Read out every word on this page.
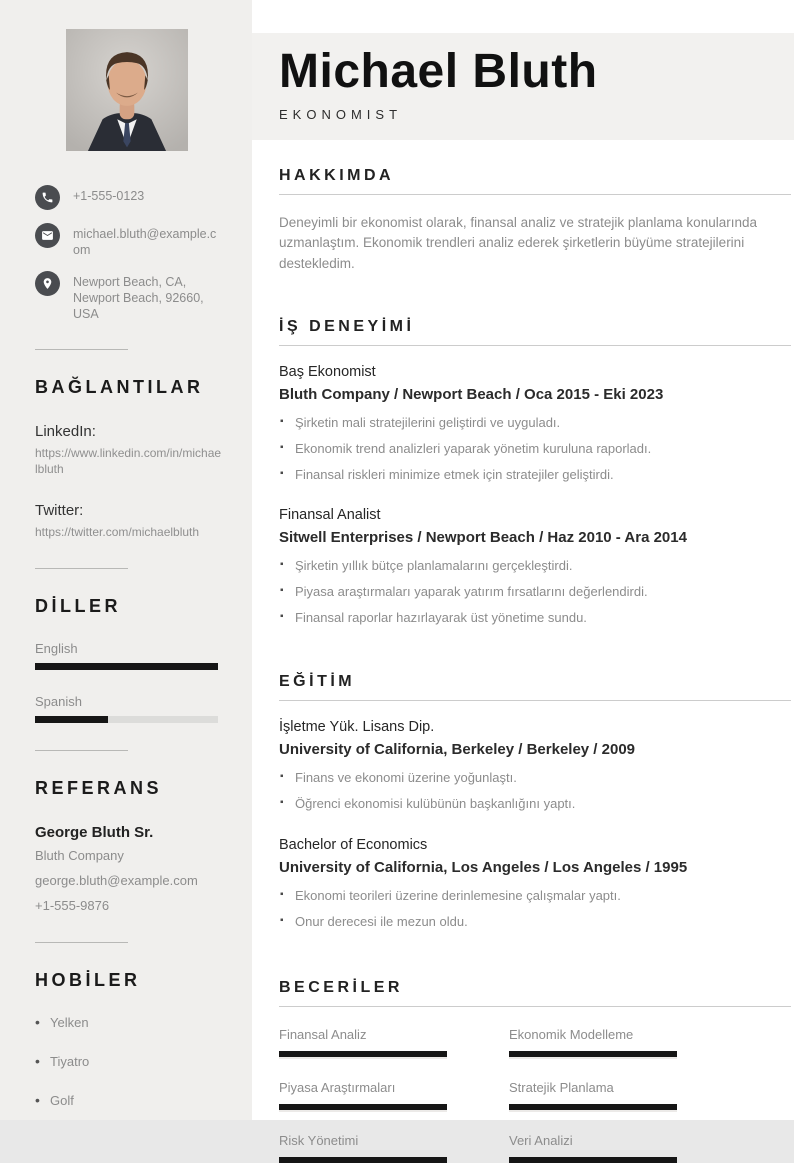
+1-555-0123
michael.bluth@example.com
Newport Beach, CA, Newport Beach, 92660, USA
BAĞLANTILAR
LinkedIn:
https://www.linkedin.com/in/michaelbluth
Twitter:
https://twitter.com/michaelbluth
DİLLER
English
Spanish
REFERANS
George Bluth Sr.
Bluth Company
george.bluth@example.com
+1-555-9876
HOBİLER
• Yelken
• Tiyatro
• Golf
Michael Bluth
EKONOMIST
HAKKIMDA

Deneyimli bir ekonomist olarak, finansal analiz ve stratejik planlama konularında uzmanlaştım. Ekonomik trendleri analiz ederek şirketlerin büyüme stratejilerini destekledim.

İŞ DENEYİMİ

Baş Ekonomist

Bluth Company / Newport Beach / Oca 2015 - Eki 2023

▪ Şirketin mali stratejilerini geliştirdi ve uyguladı.
▪ Ekonomik trend analizleri yaparak yönetim kuruluna raporladı.
▪ Finansal riskleri minimize etmek için stratejiler geliştirdi.

Finansal Analist

Sitwell Enterprises / Newport Beach / Haz 2010 - Ara 2014

▪ Şirketin yıllık bütçe planlamalarını gerçekleştirdi.
▪ Piyasa araştırmaları yaparak yatırım fırsatlarını değerlendirdi.
▪ Finansal raporlar hazırlayarak üst yönetime sundu.
EĞİTİM

İşletme Yük. Lisans Dip.

University of California, Berkeley / Berkeley / 2009

▪ Finans ve ekonomi üzerine yoğunlaştı.
▪ Öğrenci ekonomisi kulübünün başkanlığını yaptı.

Bachelor of Economics

University of California, Los Angeles / Los Angeles / 1995

▪ Ekonomi teorileri üzerine derinlemesine çalışmalar yaptı.
▪ Onur derecesi ile mezun oldu.
BECERİLER
Finansal Analiz	Ekonomik Modelleme
Piyasa Araştırmaları	Stratejik Planlama
Risk Yönetimi	Veri Analizi
